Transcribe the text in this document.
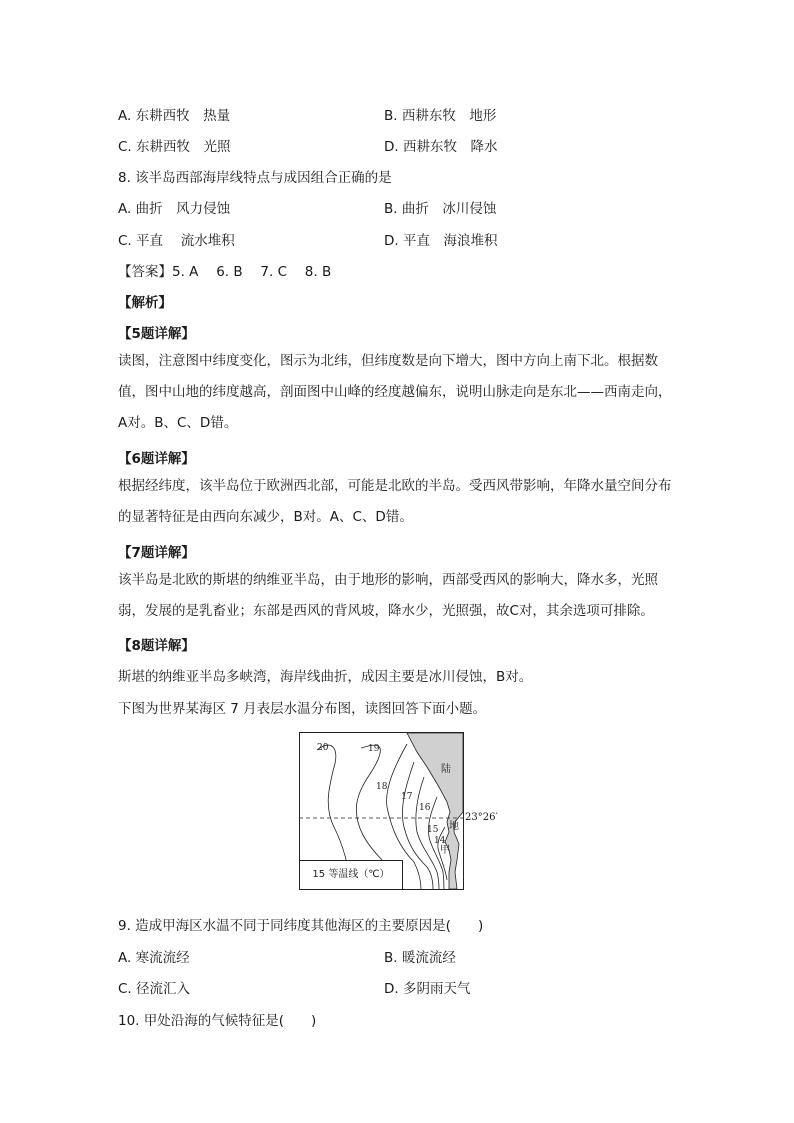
A. 东耕西牧　热量	B. 西耕东牧　地形
C. 东耕西牧　光照	D. 西耕东牧　降水
8. 该半岛西部海岸线特点与成因组合正确的是
A. 曲折　风力侵蚀	B. 曲折　冰川侵蚀
C. 平直　 流水堆积	D. 平直　海浪堆积
【答案】5. A　 6. B　 7. C　 8. B
【解析】
【5题详解】
读图，注意图中纬度变化，图示为北纬，但纬度数是向下增大，图中方向上南下北。根据数值，图中山地的纬度越高，剖面图中山峰的经度越偏东，说明山脉走向是东北——西南走向，A对。B、C、D错。
【6题详解】
根据经纬度，该半岛位于欧洲西北部，可能是北欧的半岛。受西风带影响，年降水量空间分布的显著特征是由西向东减少，B对。A、C、D错。
【7题详解】
该半岛是北欧的斯堪的纳维亚半岛，由于地形的影响，西部受西风的影响大，降水多，光照弱，发展的是乳畜业；东部是西风的背风坡，降水少，光照强，故C对，其余选项可排除。
【8题详解】
斯堪的纳维亚半岛多峡湾，海岸线曲折，成因主要是冰川侵蚀，B对。
下图为世界某海区 7 月表层水温分布图，读图回答下面小题。
20	19
18
17
16
15
14
陆
地
甲
23°26′
15 等温线（℃）
9. 造成甲海区水温不同于同纬度其他海区的主要原因是(　　)
A. 寒流流经	B. 暖流流经
C. 径流汇入	D. 多阴雨天气
10. 甲处沿海的气候特征是(　　)
